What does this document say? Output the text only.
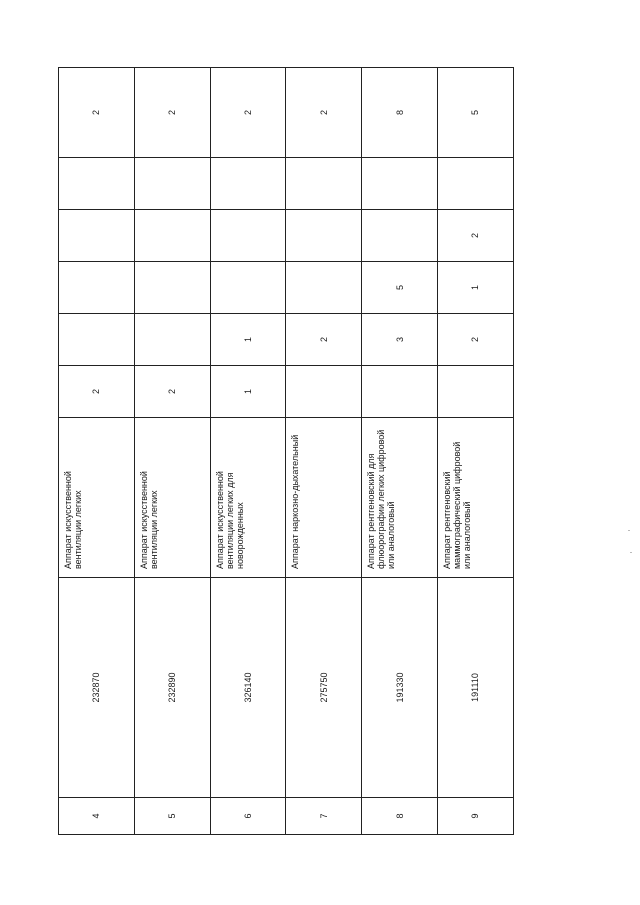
4	232870	Аппарат искусственной вентиляции легких	2					2
5	232890	Аппарат искусственной вентиляции легких	2					2
6	326140	Аппарат искусственной вентиляции легких для новорожденных	1	1				2
7	275750	Аппарат наркозно-дыхательный		2				2
8	191330	Аппарат рентгеновский для флюорографии легких цифровой или аналоговый		3	5			8
9	191110	Аппарат рентгеновский маммографический цифровой или аналоговый		2	1	2		5
